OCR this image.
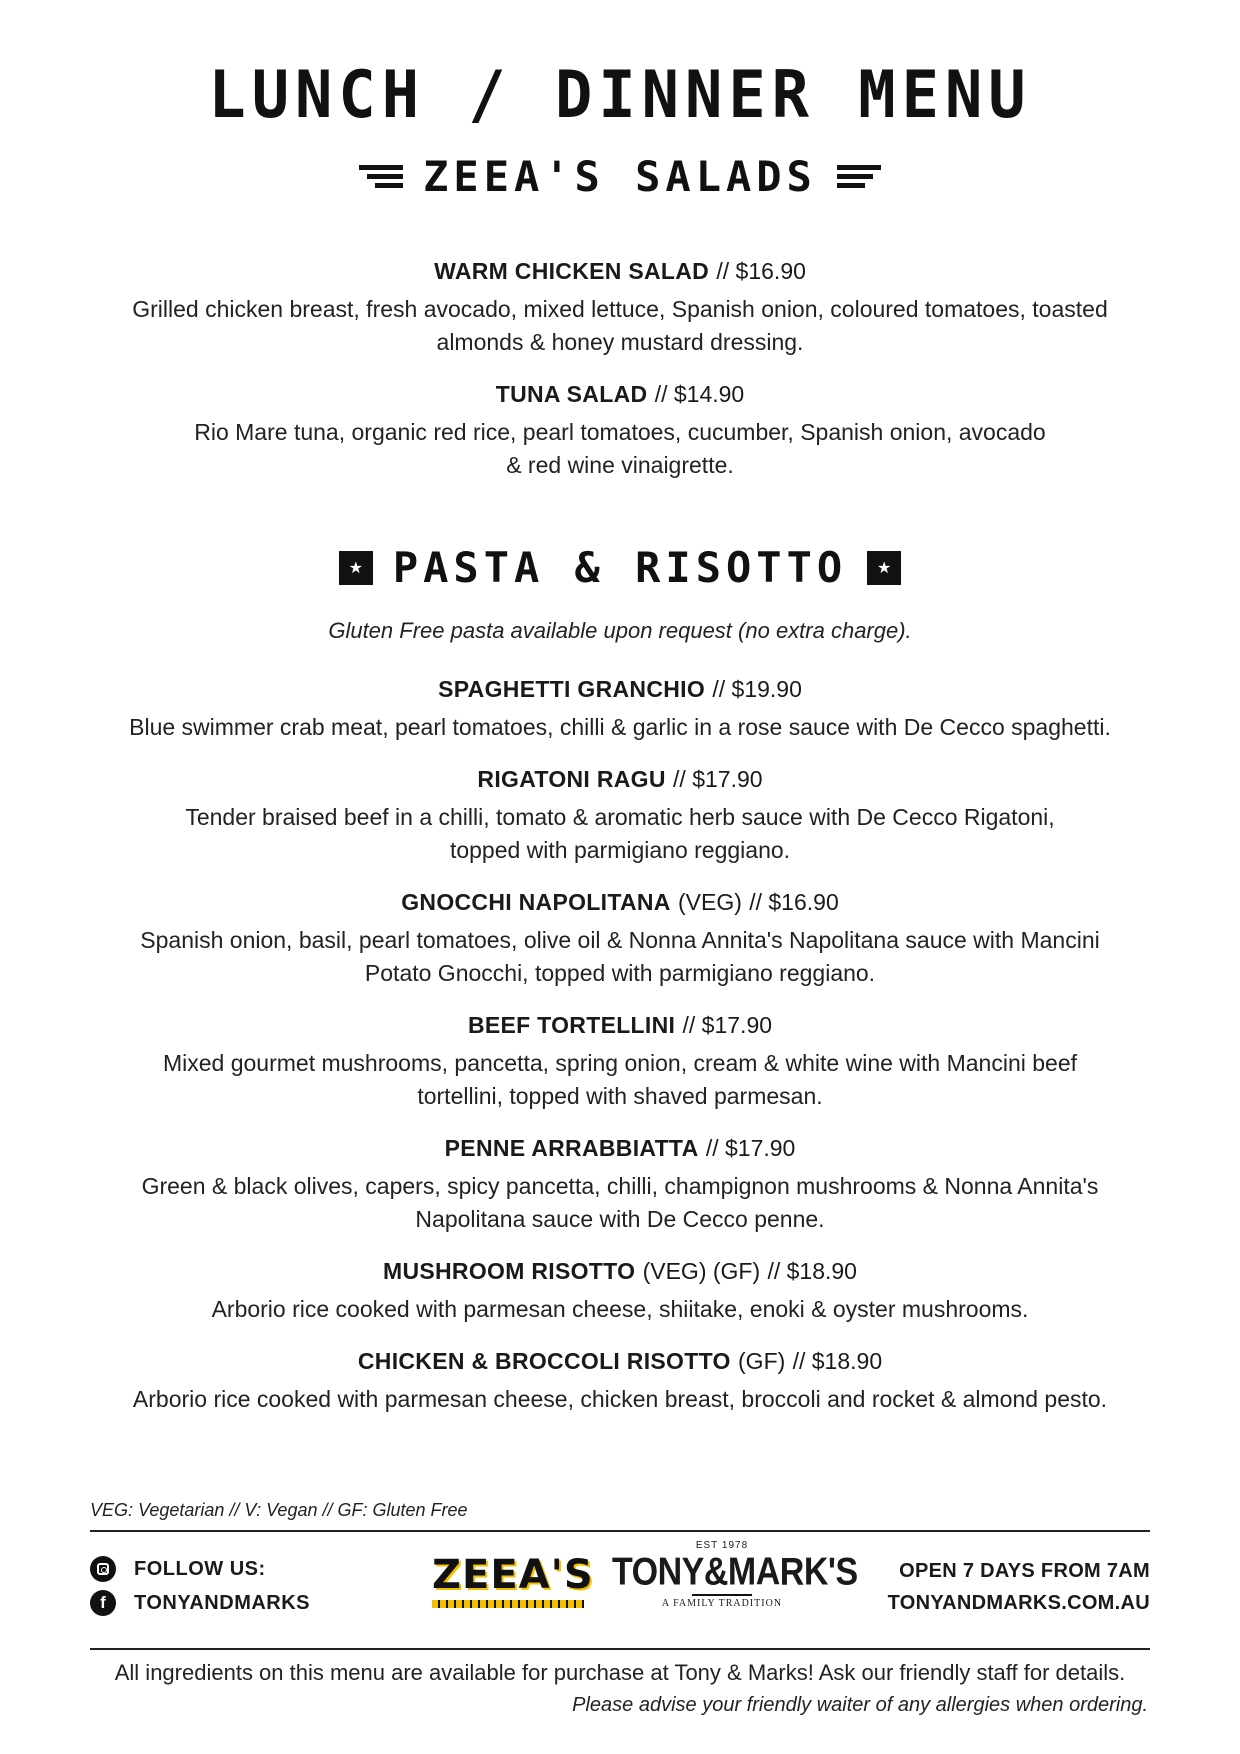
LUNCH / DINNER MENU
ZEEA'S SALADS
WARM CHICKEN SALAD // $16.90
Grilled chicken breast, fresh avocado, mixed lettuce, Spanish onion, coloured tomatoes, toasted
almonds & honey mustard dressing.
TUNA SALAD // $14.90
Rio Mare tuna, organic red rice, pearl tomatoes, cucumber, Spanish onion, avocado
& red wine vinaigrette.
★ PASTA & RISOTTO	★
Gluten Free pasta available upon request (no extra charge).
SPAGHETTI GRANCHIO // $19.90
Blue swimmer crab meat, pearl tomatoes, chilli & garlic in a rose sauce with De Cecco spaghetti.
RIGATONI RAGU // $17.90
Tender braised beef in a chilli, tomato & aromatic herb sauce with De Cecco Rigatoni,
topped with parmigiano reggiano.
GNOCCHI NAPOLITANA (VEG) // $16.90
Spanish onion, basil, pearl tomatoes, olive oil & Nonna Annita's Napolitana sauce with Mancini
Potato Gnocchi, topped with parmigiano reggiano.
BEEF TORTELLINI // $17.90
Mixed gourmet mushrooms, pancetta, spring onion, cream & white wine with Mancini beef
tortellini, topped with shaved parmesan.
PENNE ARRABBIATTA // $17.90
Green & black olives, capers, spicy pancetta, chilli, champignon mushrooms & Nonna Annita's
Napolitana sauce with De Cecco penne.
MUSHROOM RISOTTO (VEG) (GF) // $18.90
Arborio rice cooked with parmesan cheese, shiitake, enoki & oyster mushrooms.
CHICKEN & BROCCOLI RISOTTO (GF) // $18.90
Arborio rice cooked with parmesan cheese, chicken breast, broccoli and rocket & almond pesto.
VEG: Vegetarian // V: Vegan // GF: Gluten Free
FOLLOW US:
f	TONYANDMARKS
ZEEA'S
EST 1978
TONY&MARK'S
A FAMILY TRADITION
OPEN 7 DAYS FROM 7AM
TONYANDMARKS.COM.AU
All ingredients on this menu are available for purchase at Tony & Marks! Ask our friendly staff for details.
Please advise your friendly waiter of any allergies when ordering.
